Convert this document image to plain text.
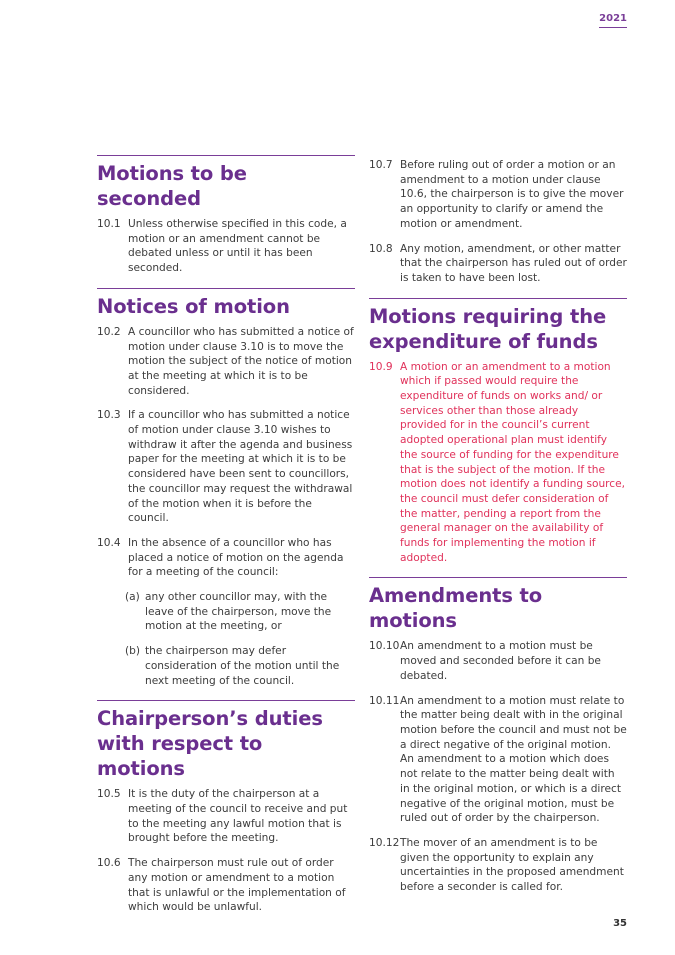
2021
Motions to be seconded
10.1 Unless otherwise specified in this code, a motion or an amendment cannot be debated unless or until it has been seconded.
Notices of motion
10.2 A councillor who has submitted a notice of motion under clause 3.10 is to move the motion the subject of the notice of motion at the meeting at which it is to be considered.
10.3 If a councillor who has submitted a notice of motion under clause 3.10 wishes to withdraw it after the agenda and business paper for the meeting at which it is to be considered have been sent to councillors, the councillor may request the withdrawal of the motion when it is before the council.
10.4 In the absence of a councillor who has placed a notice of motion on the agenda for a meeting of the council:
(a) any other councillor may, with the leave of the chairperson, move the motion at the meeting, or
(b) the chairperson may defer consideration of the motion until the next meeting of the council.
Chairperson’s duties with respect to motions
10.5 It is the duty of the chairperson at a meeting of the council to receive and put to the meeting any lawful motion that is brought before the meeting.
10.6 The chairperson must rule out of order any motion or amendment to a motion that is unlawful or the implementation of which would be unlawful.
10.7 Before ruling out of order a motion or an amendment to a motion under clause 10.6, the chairperson is to give the mover an opportunity to clarify or amend the motion or amendment.
10.8 Any motion, amendment, or other matter that the chairperson has ruled out of order is taken to have been lost.
Motions requiring the expenditure of funds
10.9 A motion or an amendment to a motion which if passed would require the expenditure of funds on works and/ or services other than those already provided for in the council’s current adopted operational plan must identify the source of funding for the expenditure that is the subject of the motion. If the motion does not identify a funding source, the council must defer consideration of the matter, pending a report from the general manager on the availability of funds for implementing the motion if adopted.
Amendments to motions
10.10 An amendment to a motion must be moved and seconded before it can be debated.
10.11 An amendment to a motion must relate to the matter being dealt with in the original motion before the council and must not be a direct negative of the original motion. An amendment to a motion which does not relate to the matter being dealt with in the original motion, or which is a direct negative of the original motion, must be ruled out of order by the chairperson.
10.12 The mover of an amendment is to be given the opportunity to explain any uncertainties in the proposed amendment before a seconder is called for.
35
